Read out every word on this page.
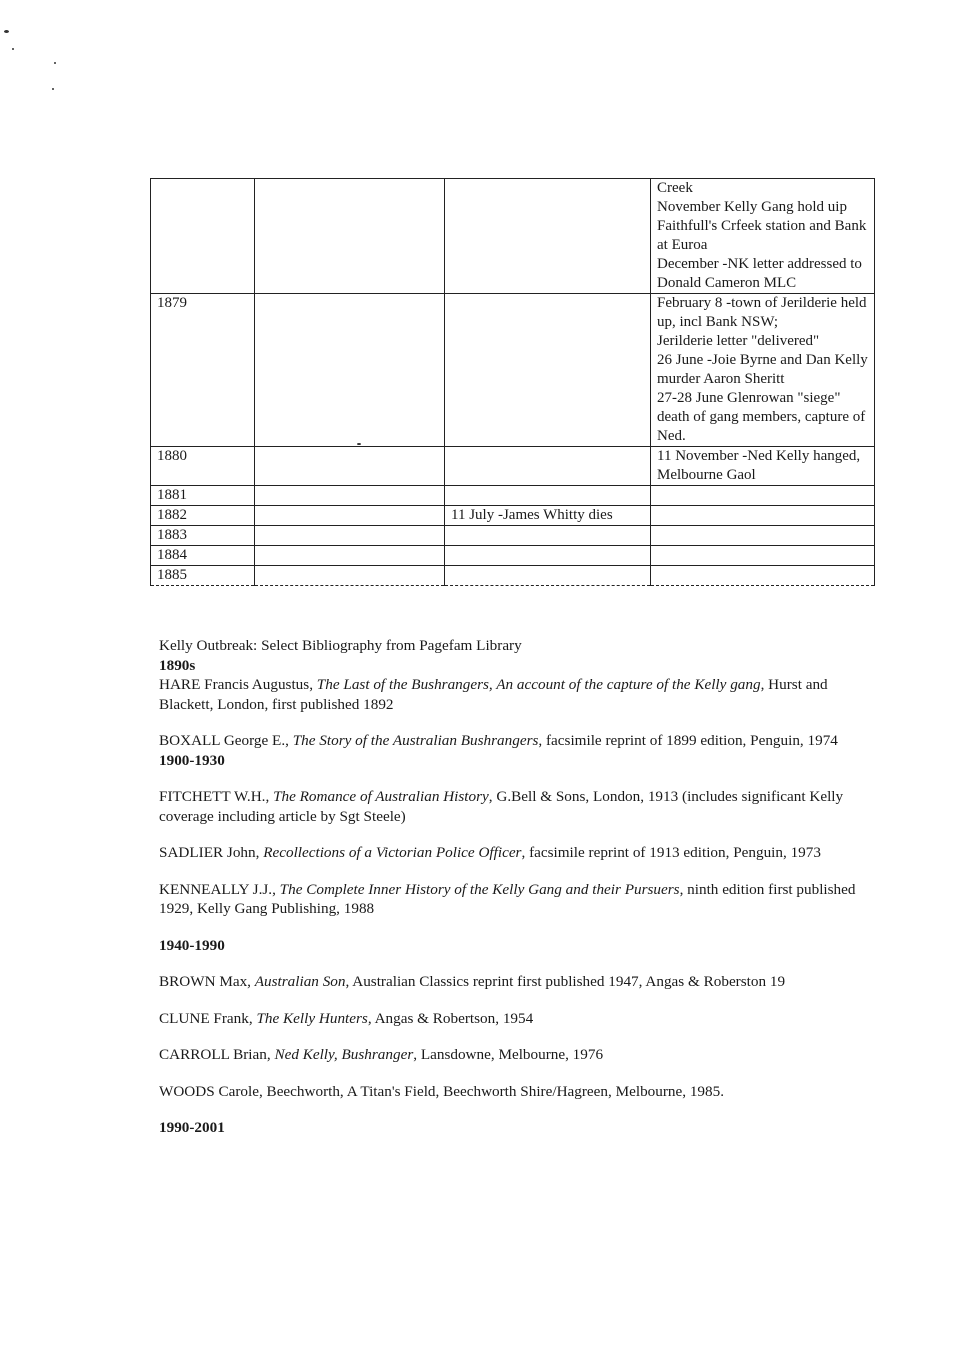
			Creek
November Kelly Gang hold uip Faithfull's Crfeek station and Bank at Euroa
December -NK letter addressed to Donald Cameron MLC
1879			February 8 -town of Jerilderie held up, incl Bank NSW;
Jerilderie letter "delivered"
26 June -Joie Byrne and Dan Kelly murder Aaron Sheritt
27-28 June Glenrowan "siege" death of gang members, capture of Ned.
1880			11 November -Ned Kelly hanged, Melbourne Gaol
1881			
1882		11 July -James Whitty dies	
1883			
1884			
1885			

Kelly Outbreak: Select Bibliography from Pagefam Library

1890s

HARE Francis Augustus, The Last of the Bushrangers, An account of the capture of the Kelly gang, Hurst and Blackett, London, first published 1892

BOXALL George E., The Story of the Australian Bushrangers, facsimile reprint of 1899 edition, Penguin, 1974

1900-1930

FITCHETT W.H., The Romance of Australian History, G.Bell & Sons, London, 1913 (includes significant Kelly coverage including article by Sgt Steele)

SADLIER John, Recollections of a Victorian Police Officer, facsimile reprint of 1913 edition, Penguin, 1973

KENNEALLY J.J., The Complete Inner History of the Kelly Gang and their Pursuers, ninth edition first published 1929, Kelly Gang Publishing, 1988

1940-1990

BROWN Max, Australian Son, Australian Classics reprint first published 1947, Angas & Roberston 19

CLUNE Frank, The Kelly Hunters, Angas & Robertson, 1954

CARROLL Brian, Ned Kelly, Bushranger, Lansdowne, Melbourne, 1976

WOODS Carole, Beechworth, A Titan's Field, Beechworth Shire/Hagreen, Melbourne, 1985.

1990-2001
